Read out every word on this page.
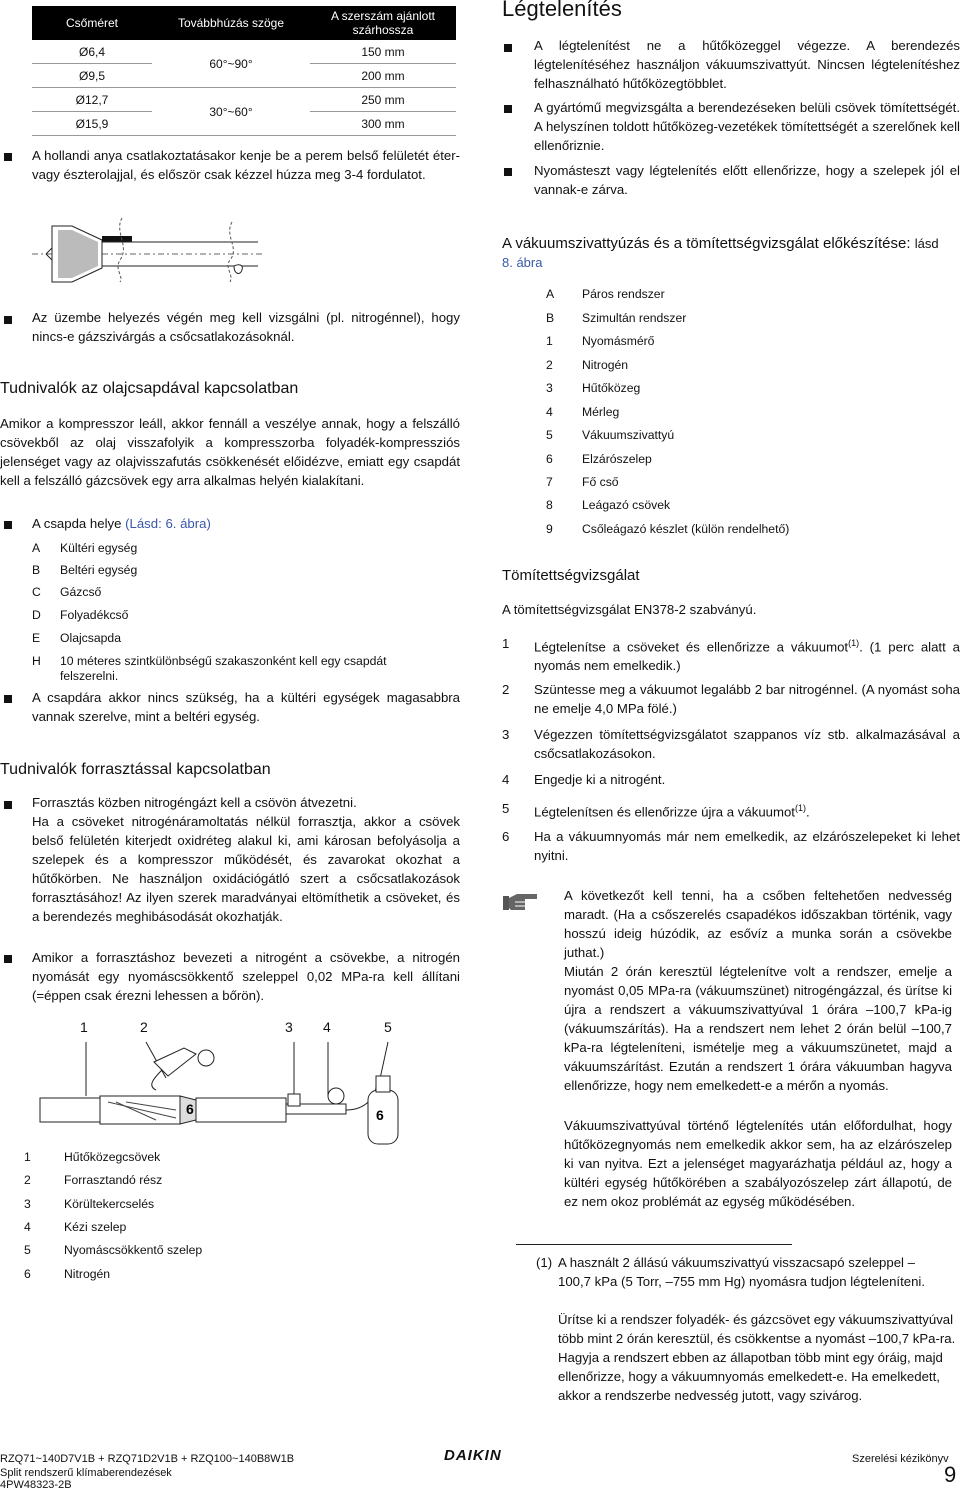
Csőméret	Továbbhúzás szöge	A szerszám ajánlott szárhossza
Ø6,4	60°~90°	150 mm
Ø9,5		200 mm
Ø12,7	30°~60°	250 mm
Ø15,9		300 mm
A hollandi anya csatlakoztatásakor kenje be a perem belső felületét éter- vagy észterolajjal, és először csak kézzel húzza meg 3-4 fordulatot.
Az üzembe helyezés végén meg kell vizsgálni (pl. nitrogénnel), hogy nincs-e gázszivárgás a csőcsatlakozásoknál.
Tudnivalók az olajcsapdával kapcsolatban
Amikor a kompresszor leáll, akkor fennáll a veszélye annak, hogy a felszálló csövekből az olaj visszafolyik a kompresszorba folyadék-kompressziós jelenséget vagy az olajvisszafutás csökkenését előidézve, emiatt egy csapdát kell a felszálló gázcsövek egy arra alkalmas helyén kialakítani.
A csapda helye (Lásd: 6. ábra)
A Kültéri egység
B Beltéri egység
C Gázcső
D Folyadékcső
E Olajcsapda
H 10 méteres szintkülönbségű szakaszonként kell egy csapdát felszerelni.
A csapdára akkor nincs szükség, ha a kültéri egységek magasabbra vannak szerelve, mint a beltéri egység.
Tudnivalók forrasztással kapcsolatban
Forrasztás közben nitrogéngázt kell a csövön átvezetni.
Ha a csöveket nitrogénáramoltatás nélkül forrasztja, akkor a csövek belső felületén kiterjedt oxidréteg alakul ki, ami károsan befolyásolja a szelepek és a kompresszor működését, és zavarokat okozhat a hűtőkörben. Ne használjon oxidációgátló szert a csőcsatlakozások forrasztásához! Az ilyen szerek maradványai eltömíthetik a csöveket, és a berendezés meghibásodását okozhatják.
Amikor a forrasztáshoz bevezeti a nitrogént a csövekbe, a nitrogén nyomását egy nyomáscsökkentő szeleppel 0,02 MPa-ra kell állítani (=éppen csak érezni lehessen a bőrön).
1	2	3 4	5
6	6
1	Hűtőközegcsövek
2	Forrasztandó rész
3	Körültekercselés
4	Kézi szelep
5	Nyomáscsökkentő szelep
6	Nitrogén
Légtelenítés
A légtelenítést ne a hűtőközeggel végezze. A berendezés légtelenítéséhez használjon vákuumszivattyút. Nincsen légtelenítéshez felhasználható hűtőközegtöbblet.
A gyártómű megvizsgálta a berendezéseken belüli csövek tömítettségét. A helyszínen toldott hűtőközeg-vezetékek tömítettségét a szerelőnek kell ellenőriznie.
Nyomásteszt vagy légtelenítés előtt ellenőrizze, hogy a szelepek jól el vannak-e zárva.
A vákuumszivattyúzás és a tömítettségvizsgálat előkészítése: lásd 8. ábra
A Páros rendszer
B Szimultán rendszer
1 Nyomásmérő
2 Nitrogén
3 Hűtőközeg
4 Mérleg
5 Vákuumszivattyú
6 Elzárószelep
7 Fő cső
8 Leágazó csövek
9 Csőleágazó készlet (külön rendelhető)
Tömítettségvizsgálat
A tömítettségvizsgálat EN378-2 szabványú.
1 Légtelenítse a csöveket és ellenőrizze a vákuumot$^{(1)}$. (1 perc alatt a nyomás nem emelkedik.)
2 Szüntesse meg a vákuumot legalább 2 bar nitrogénnel. (A nyomást soha ne emelje 4,0 MPa fölé.)
3 Végezzen tömítettségvizsgálatot szappanos víz stb. alkalmazásával a csőcsatlakozásokon.
4 Engedje ki a nitrogént.
5 Légtelenítsen és ellenőrizze újra a vákuumot$^{(1)}$.
6 Ha a vákuumnyomás már nem emelkedik, az elzárószelepeket ki lehet nyitni.
A következőt kell tenni, ha a csőben feltehetően nedvesség maradt. (Ha a csőszerelés csapadékos időszakban történik, vagy hosszú ideig húzódik, az esővíz a munka során a csövekbe juthat.)
Miután 2 órán keresztül légtelenítve volt a rendszer, emelje a nyomást 0,05 MPa-ra (vákuumszünet) nitrogéngázzal, és ürítse ki újra a rendszert a vákuumszivattyúval 1 órára –100,7 kPa-ig (vákuumszárítás). Ha a rendszert nem lehet 2 órán belül –100,7 kPa-ra légteleníteni, ismételje meg a vákuumszünetet, majd a vákuumszárítást. Ezután a rendszert 1 órára vákuumban hagyva ellenőrizze, hogy nem emelkedett-e a mérőn a nyomás.
Vákuumszivattyúval történő légtelenítés után előfordulhat, hogy hűtőközegnyomás nem emelkedik akkor sem, ha az elzárószelep ki van nyitva. Ezt a jelenséget magyarázhatja például az, hogy a kültéri egység hűtőkörében a szabályozószelep zárt állapotú, de ez nem okoz problémát az egység működésében.
(1) A használt 2 állású vákuumszivattyú visszacsapó szeleppel –100,7 kPa (5 Torr, –755 mm Hg) nyomásra tudjon légteleníteni.
Ürítse ki a rendszer folyadék- és gázcsövet egy vákuumszivattyúval több mint 2 órán keresztül, és csökkentse a nyomást –100,7 kPa-ra. Hagyja a rendszert ebben az állapotban több mint egy óráig, majd ellenőrizze, hogy a vákuumnyomás emelkedett-e. Ha emelkedett, akkor a rendszerbe nedvesség jutott, vagy szivárog.
RZQ71~140D7V1B + RZQ71D2V1B + RZQ100~140B8W1B
Split rendszerű klímaberendezések
4PW48323-2B
DAIKIN	Szerelési kézikönyv
9
